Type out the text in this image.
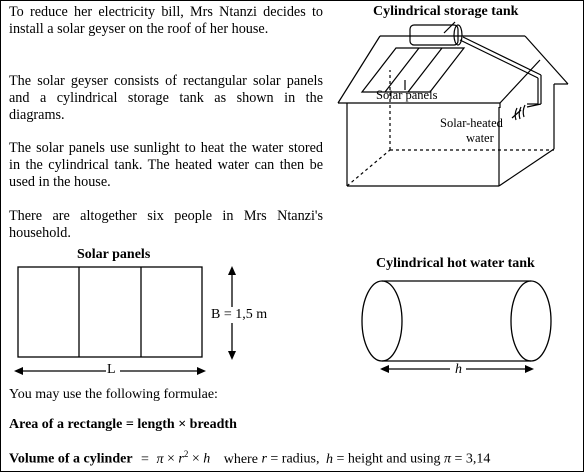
To reduce her electricity bill, Mrs Ntanzi decides to install a solar geyser on the roof of her house.

The solar geyser consists of rectangular solar panels and a cylindrical storage tank as shown in the diagrams.

The solar panels use sunlight to heat the water stored in the cylindrical tank. The heated water can then be used in the house.

There are altogether six people in Mrs Ntanzi's household.

Cylindrical storage tank
Solar panels
Solar-heated
water
Solar panels
B = 1,5 m
L
Cylindrical hot water tank
h
You may use the following formulae:
Area of a rectangle = length × breadth
Volume of a cylinder = $\pi \times r^2 \times h$ where r = radius, h = height and using π = 3,14
